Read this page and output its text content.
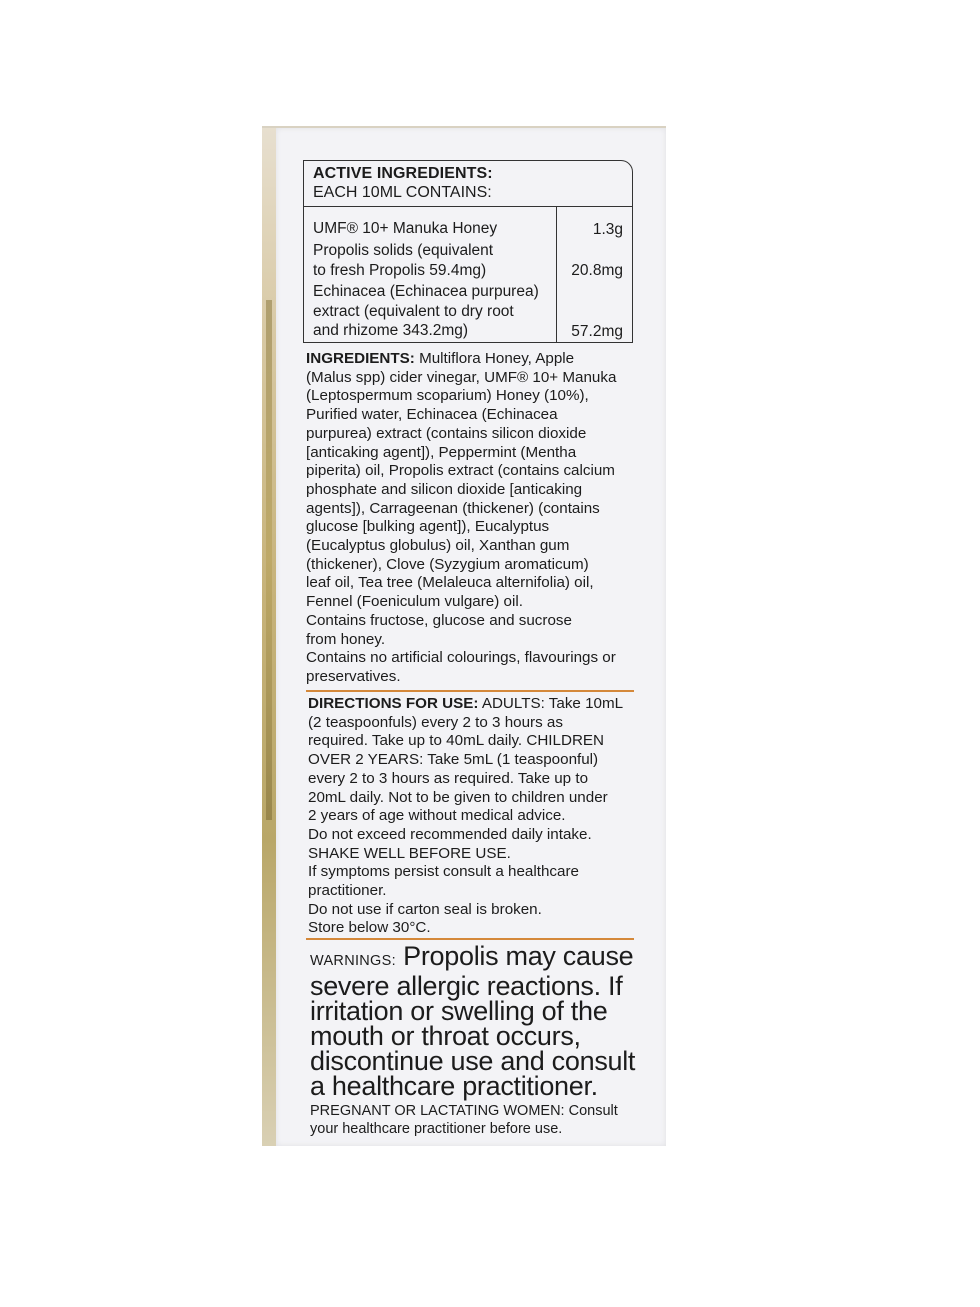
ACTIVE INGREDIENTS:
EACH 10ML CONTAINS:
UMF® 10+ Manuka Honey	1.3g
Propolis solids (equivalent
to fresh Propolis 59.4mg)	20.8mg
Echinacea (Echinacea purpurea)
extract (equivalent to dry root
and rhizome 343.2mg)	57.2mg
INGREDIENTS: Multiflora Honey, Apple
(Malus spp) cider vinegar, UMF® 10+ Manuka
(Leptospermum scoparium) Honey (10%),
Purified water, Echinacea (Echinacea
purpurea) extract (contains silicon dioxide
[anticaking agent]), Peppermint (Mentha
piperita) oil, Propolis extract (contains calcium
phosphate and silicon dioxide [anticaking
agents]), Carrageenan (thickener) (contains
glucose [bulking agent]), Eucalyptus
(Eucalyptus globulus) oil, Xanthan gum
(thickener), Clove (Syzygium aromaticum)
leaf oil, Tea tree (Melaleuca alternifolia) oil,
Fennel (Foeniculum vulgare) oil.
Contains fructose, glucose and sucrose
from honey.
Contains no artificial colourings, flavourings or
preservatives.
DIRECTIONS FOR USE: ADULTS: Take 10mL
(2 teaspoonfuls) every 2 to 3 hours as
required. Take up to 40mL daily. CHILDREN
OVER 2 YEARS: Take 5mL (1 teaspoonful)
every 2 to 3 hours as required. Take up to
20mL daily. Not to be given to children under
2 years of age without medical advice.
Do not exceed recommended daily intake.
SHAKE WELL BEFORE USE.
If symptoms persist consult a healthcare
practitioner.
Do not use if carton seal is broken.
Store below 30°C.
WARNINGS: Propolis may cause
severe allergic reactions. If
irritation or swelling of the
mouth or throat occurs,
discontinue use and consult
a healthcare practitioner.
PREGNANT OR LACTATING WOMEN: Consult
your healthcare practitioner before use.
